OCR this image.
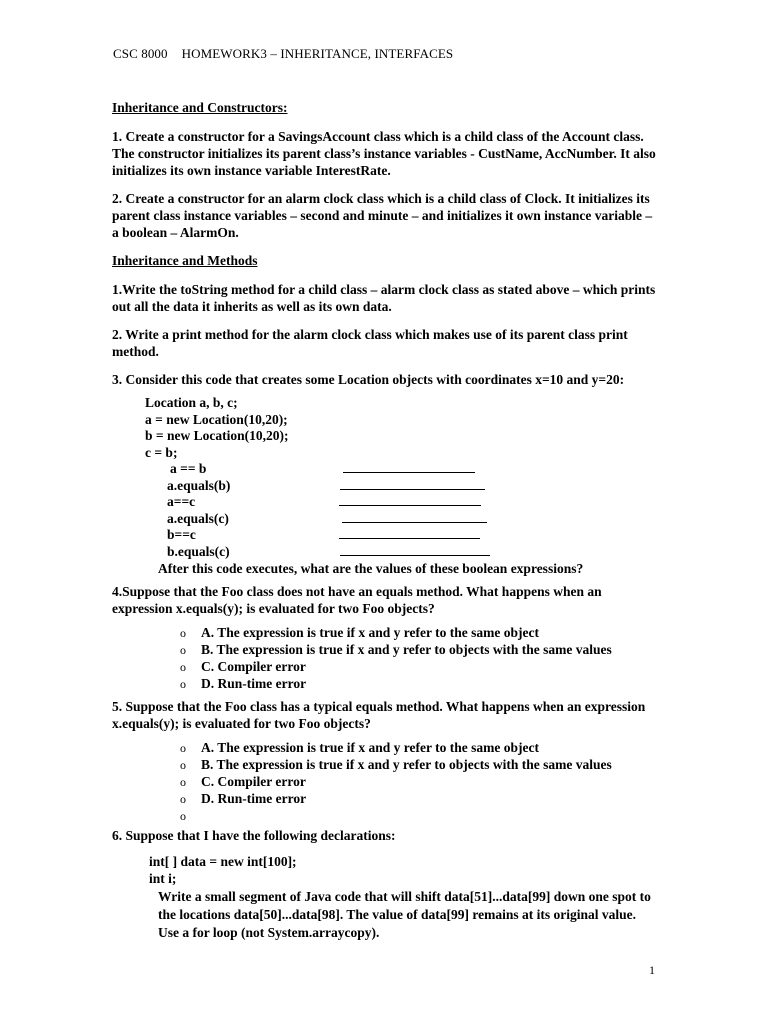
CSC 8000 HOMEWORK3 – INHERITANCE, INTERFACES
Inheritance and Constructors:

1. Create a constructor for a SavingsAccount class which is a child class of the Account class. The constructor initializes its parent class’s instance variables - CustName, AccNumber. It also initializes its own instance variable InterestRate.

2. Create a constructor for an alarm clock class which is a child class of Clock. It initializes its parent class instance variables – second and minute – and initializes it own instance variable – a boolean – AlarmOn.

Inheritance and Methods

1.Write the toString method for a child class – alarm clock class as stated above – which prints out all the data it inherits as well as its own data.

2. Write a print method for the alarm clock class which makes use of its parent class print method.

3. Consider this code that creates some Location objects with coordinates x=10 and y=20:

Location a, b, c;
a = new Location(10,20);
b = new Location(10,20);
c = b;
a == b
a.equals(b)
a==c
a.equals(c)
b==c
b.equals(c)
After this code executes, what are the values of these boolean expressions?

4.Suppose that the Foo class does not have an equals method. What happens when an expression x.equals(y); is evaluated for two Foo objects?

o A. The expression is true if x and y refer to the same object
o B. The expression is true if x and y refer to objects with the same values
o C. Compiler error
o D. Run-time error

5. Suppose that the Foo class has a typical equals method. What happens when an expression x.equals(y); is evaluated for two Foo objects?

o A. The expression is true if x and y refer to the same object
o B. The expression is true if x and y refer to objects with the same values
o C. Compiler error
o D. Run-time error
o

6. Suppose that I have the following declarations:

int[ ] data = new int[100];
int i;
Write a small segment of Java code that will shift data[51]...data[99] down one spot to the locations data[50]...data[98]. The value of data[99] remains at its original value. Use a for loop (not System.arraycopy).
1
